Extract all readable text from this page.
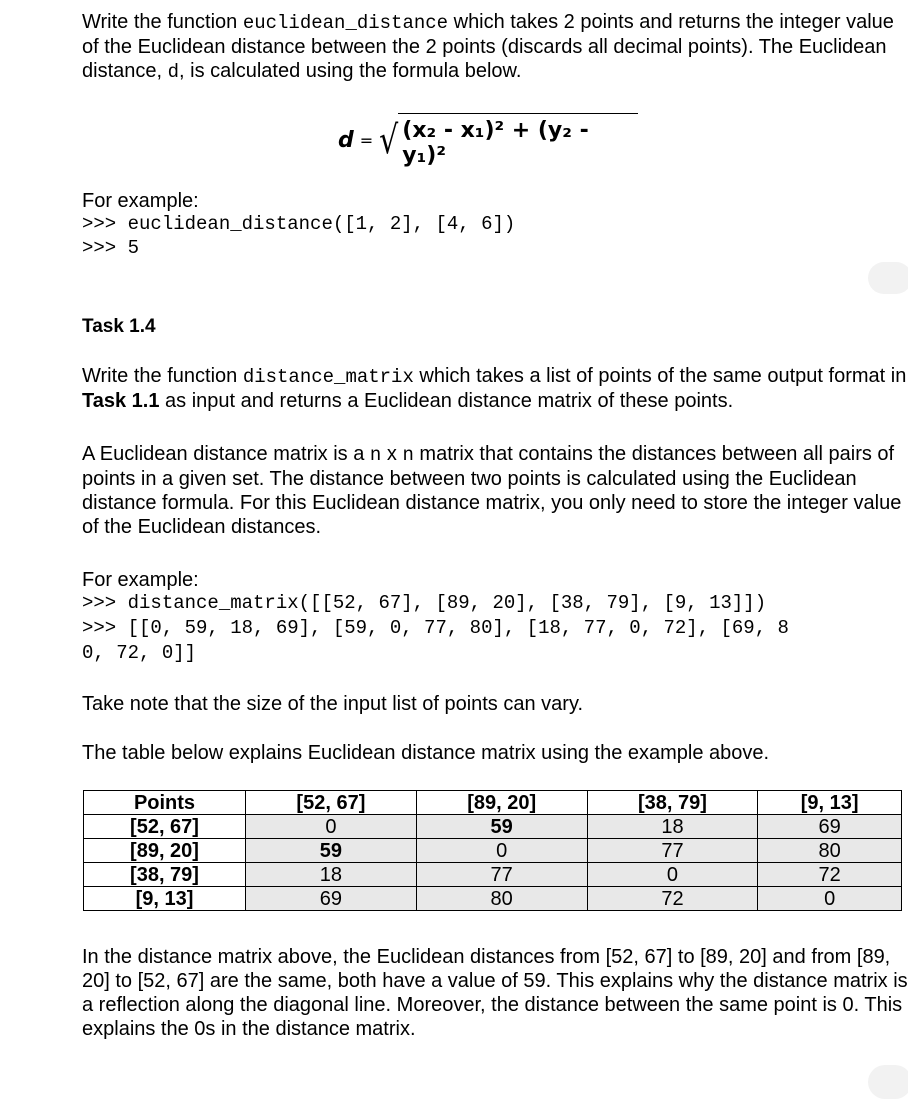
Write the function euclidean_distance which takes 2 points and returns the integer value of the Euclidean distance between the 2 points (discards all decimal points). The Euclidean distance, d, is calculated using the formula below.

d = √ (x₂ - x₁)² + (y₂ - y₁)²

For example:

>>> euclidean_distance([1, 2], [4, 6])
>>> 5

Task 1.4

Write the function distance_matrix which takes a list of points of the same output format in Task 1.1 as input and returns a Euclidean distance matrix of these points.

A Euclidean distance matrix is a n x n matrix that contains the distances between all pairs of points in a given set. The distance between two points is calculated using the Euclidean distance formula. For this Euclidean distance matrix, you only need to store the integer value of the Euclidean distances.

For example:

>>> distance_matrix([[52, 67], [89, 20], [38, 79], [9, 13]])
>>> [[0, 59, 18, 69], [59, 0, 77, 80], [18, 77, 0, 72], [69, 8
0, 72, 0]]

Take note that the size of the input list of points can vary.

The table below explains Euclidean distance matrix using the example above.

Points	[52, 67]	[89, 20]	[38, 79]	[9, 13]
[52, 67]	0	59	18	69
[89, 20]	59	0	77	80
[38, 79]	18	77	0	72
[9, 13]	69	80	72	0

In the distance matrix above, the Euclidean distances from [52, 67] to [89, 20] and from [89, 20] to [52, 67] are the same, both have a value of 59. This explains why the distance matrix is a reflection along the diagonal line. Moreover, the distance between the same point is 0. This explains the 0s in the distance matrix.
